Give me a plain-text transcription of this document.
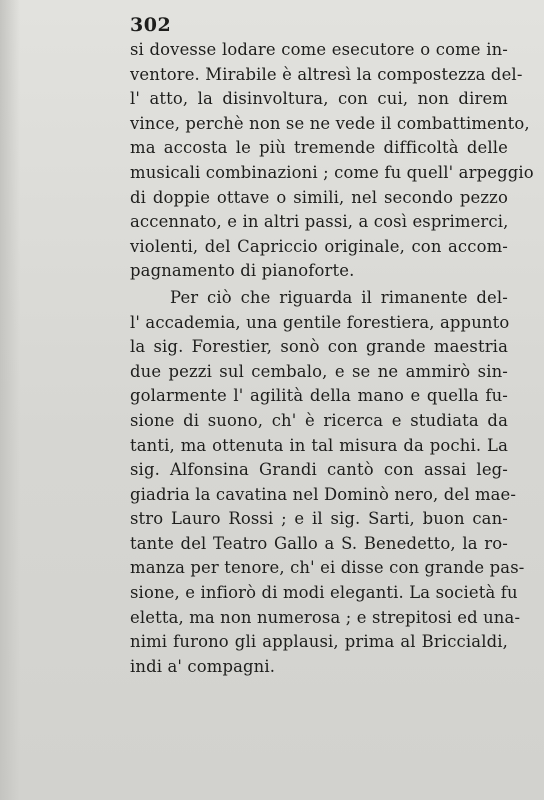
302
si dovesse lodare come esecutore o come in-
ventore. Mirabile è altresì la compostezza del-
l' atto, la disinvoltura, con cui, non direm
vince, perchè non se ne vede il combattimento,
ma accosta le più tremende difficoltà delle
musicali combinazioni ; come fu quell' arpeggio
di doppie ottave o simili, nel secondo pezzo
accennato, e in altri passi, a così esprimerci,
violenti, del Capriccio originale, con accom-
pagnamento di pianoforte.
Per ciò che riguarda il rimanente del-
l' accademia, una gentile forestiera, appunto
la sig. Forestier, sonò con grande maestria
due pezzi sul cembalo, e se ne ammirò sin-
golarmente l' agilità della mano e quella fu-
sione di suono, ch' è ricerca e studiata da
tanti, ma ottenuta in tal misura da pochi. La
sig. Alfonsina Grandi cantò con assai leg-
giadria la cavatina nel Dominò nero, del mae-
stro Lauro Rossi ; e il sig. Sarti, buon can-
tante del Teatro Gallo a S. Benedetto, la ro-
manza per tenore, ch' ei disse con grande pas-
sione, e infiorò di modi eleganti. La società fu
eletta, ma non numerosa ; e strepitosi ed una-
nimi furono gli applausi, prima al Briccialdi,
indi a' compagni.
